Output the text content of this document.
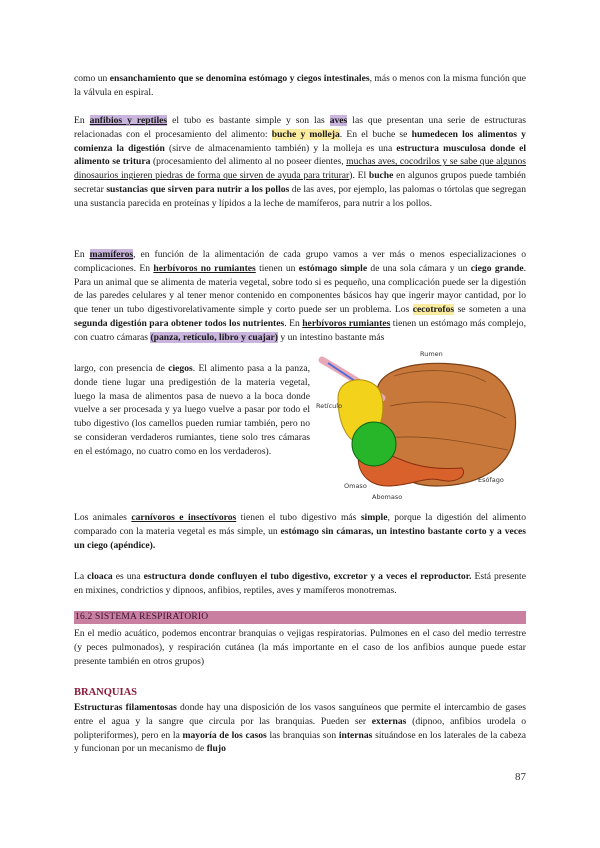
como un ensanchamiento que se denomina estómago y ciegos intestinales, más o menos con la misma función que la válvula en espiral.

En anfibios y reptiles el tubo es bastante simple y son las aves las que presentan una serie de estructuras relacionadas con el procesamiento del alimento: buche y molleja. En el buche se humedecen los alimentos y comienza la digestión (sirve de almacenamiento también) y la molleja es una estructura musculosa donde el alimento se tritura (procesamiento del alimento al no poseer dientes, muchas aves, cocodrilos y se sabe que algunos dinosaurios ingieren piedras de forma que sirven de ayuda para triturar). El buche en algunos grupos puede también secretar sustancias que sirven para nutrir a los pollos de las aves, por ejemplo, las palomas o tórtolas que segregan una sustancia parecida en proteínas y lípidos a la leche de mamíferos, para nutrir a los pollos.

En mamíferos, en función de la alimentación de cada grupo vamos a ver más o menos especializaciones o complicaciones. En herbívoros no rumiantes tienen un estómago simple de una sola cámara y un ciego grande. Para un animal que se alimenta de materia vegetal, sobre todo si es pequeño, una complicación puede ser la digestión de las paredes celulares y al tener menor contenido en componentes básicos hay que ingerir mayor cantidad, por lo que tener un tubo digestivorelativamente simple y corto puede ser un problema. Los cecotrofos se someten a una segunda digestión para obtener todos los nutrientes. En herbívoros rumiantes tienen un estómago más complejo, con cuatro cámaras (panza, retículo, libro y cuajar) y un intestino bastante más

largo, con presencia de ciegos. El alimento pasa a la panza, donde tiene lugar una predigestión de la materia vegetal, luego la masa de alimentos pasa de nuevo a la boca donde vuelve a ser procesada y ya luego vuelve a pasar por todo el tubo digestivo (los camellos pueden rumiar también, pero no se consideran verdaderos rumiantes, tiene solo tres cámaras en el estómago, no cuatro como en los verdaderos).

Rumen
Retículo
Omaso
Abomaso
Esófago

Los animales carnívoros e insectívoros tienen el tubo digestivo más simple, porque la digestión del alimento comparado con la materia vegetal es más simple, un estómago sin cámaras, un intestino bastante corto y a veces un ciego (apéndice).

La cloaca es una estructura donde confluyen el tubo digestivo, excretor y a veces el reproductor. Está presente en mixines, condrictios y dipnoos, anfibios, reptiles, aves y mamíferos monotremas.

16.2 SISTEMA RESPIRATORIO

En el medio acuático, podemos encontrar branquias o vejigas respiratorias. Pulmones en el caso del medio terrestre (y peces pulmonados), y respiración cutánea (la más importante en el caso de los anfibios aunque puede estar presente también en otros grupos)

BRANQUIAS

Estructuras filamentosas donde hay una disposición de los vasos sanguíneos que permite el intercambio de gases entre el agua y la sangre que circula por las branquias. Pueden ser externas (dipnoo, anfibios urodela o polipteriformes), pero en la mayoría de los casos las branquias son internas situándose en los laterales de la cabeza y funcionan por un mecanismo de flujo

87
